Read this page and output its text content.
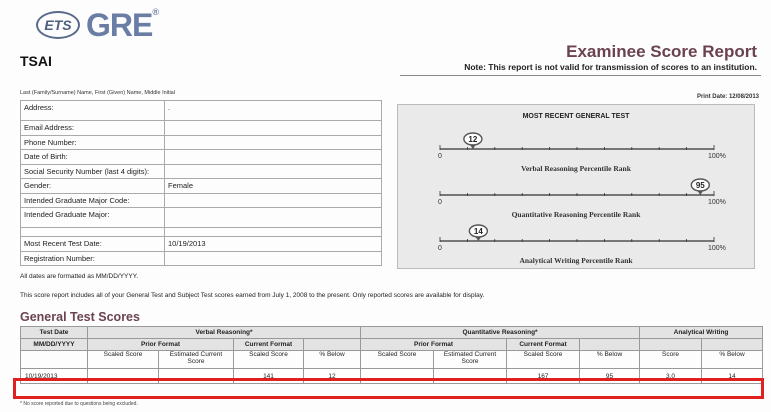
ETS GRE®
TSAI	Examinee Score Report
Note: This report is not valid for transmission of scores to an institution.
Last (Family/Surname) Name, First (Given) Name, Middle Initial
Print Date: 12/08/2013
Address:	.
Email Address:	
Phone Number:	
Date of Birth:	
Social Security Number (last 4 digits):	
Gender:	Female
Intended Graduate Major Code:	
Intended Graduate Major:	

Most Recent Test Date:	10/19/2013
Registration Number:	
All dates are formatted as MM/DD/YYYY.
This score report includes all of your General Test and Subject Test scores earned from July 1, 2008 to the present. Only reported scores are available for display.
MOST RECENT GENERAL TEST
0	100%
12
0	100%
95
0	100%
14
Verbal Reasoning Percentile Rank
Quantitative Reasoning Percentile Rank
Analytical Writing Percentile Rank
General Test Scores
Test Date	Verbal Reasoning*				Quantitative Reasoning*				Analytical Writing	
MM/DD/YYYY	Prior Format		Current Format		Prior Format		Current Format			
	Scaled Score	Estimated Current Score	Scaled Score	% Below	Scaled Score	Estimated Current Score	Scaled Score	% Below	Score	% Below
10/19/2013			141	12			167	95	3.0	14
* No score reported due to questions being excluded.
